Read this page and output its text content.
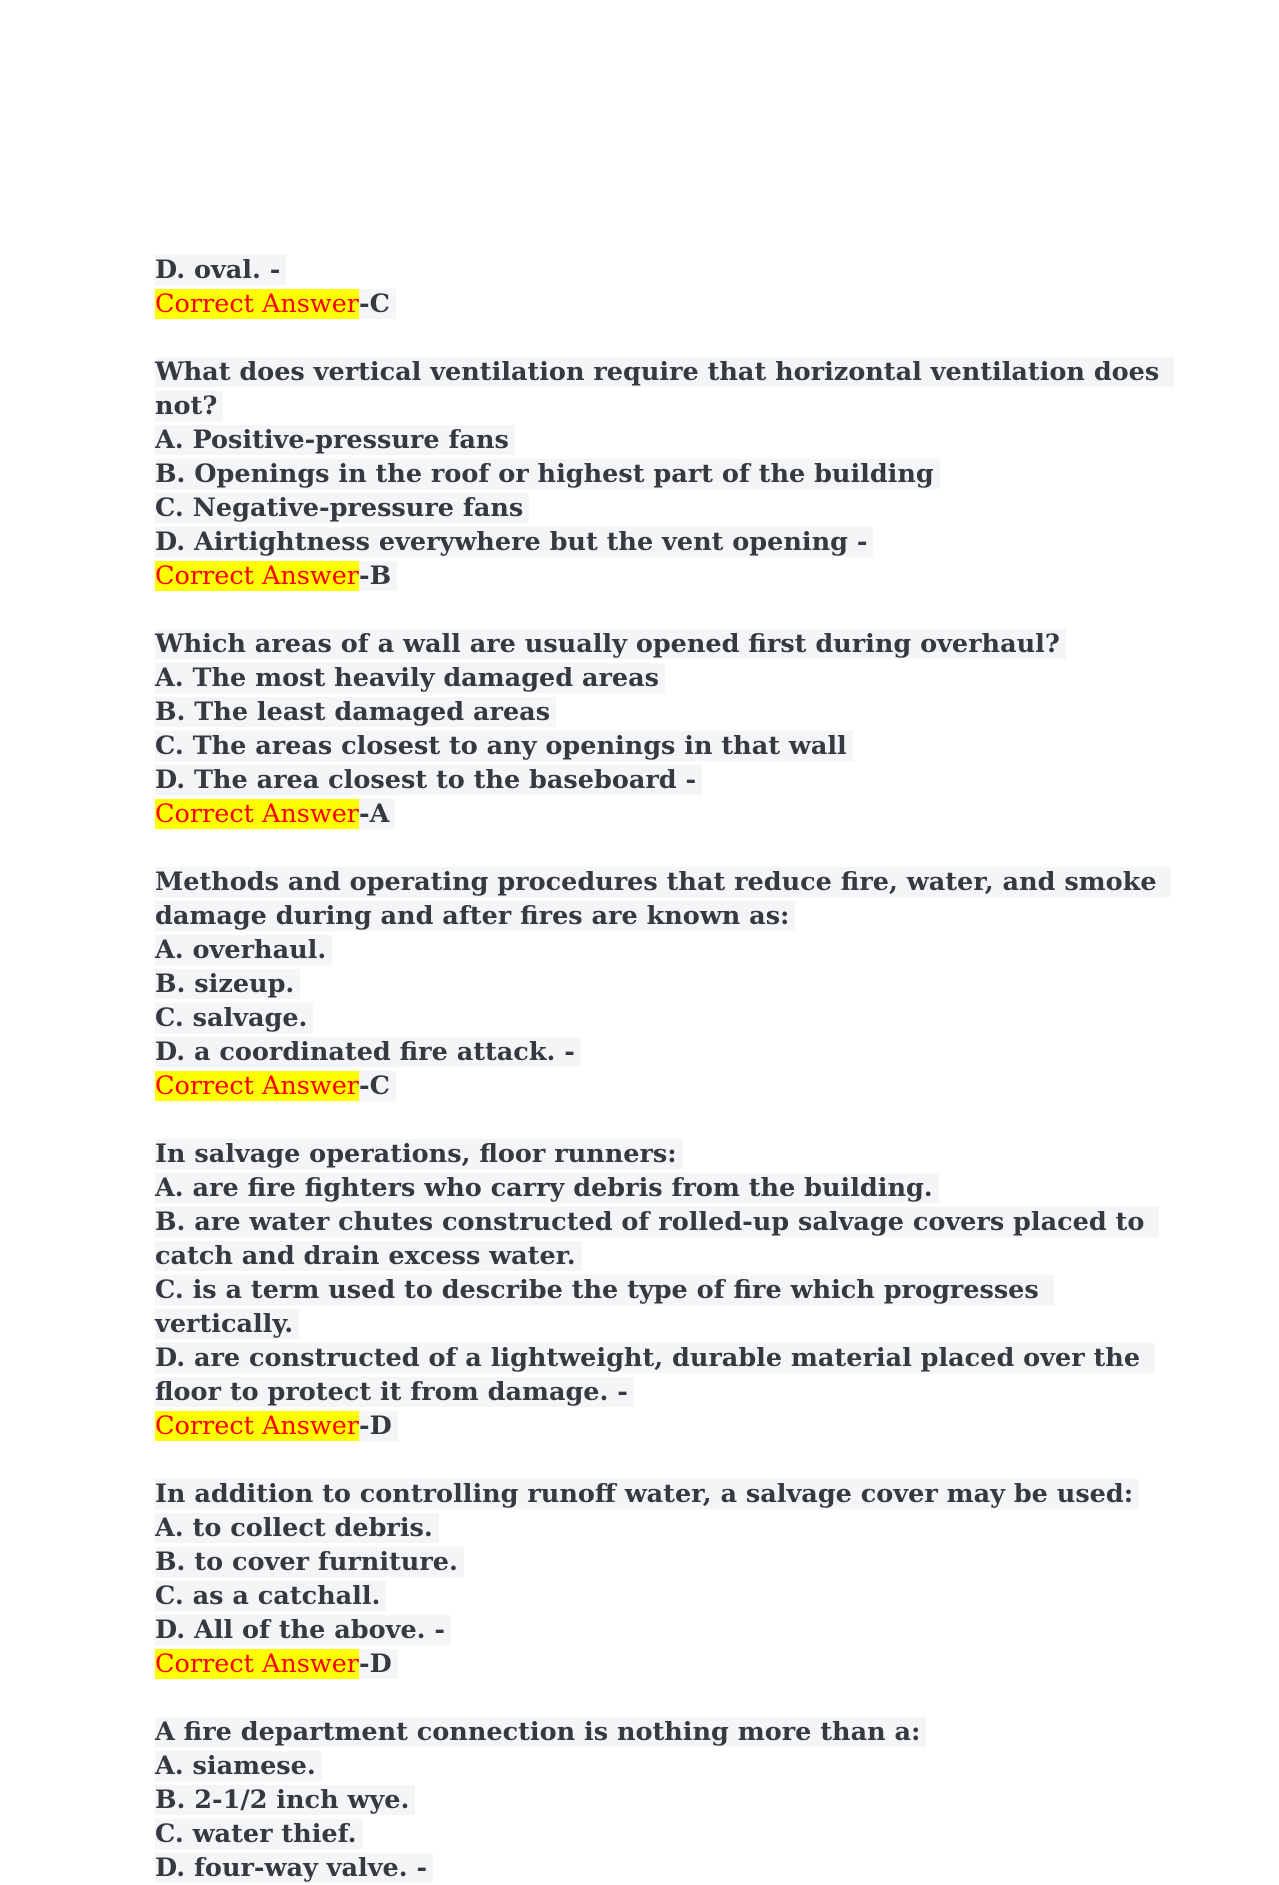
D. oval. -
Correct Answer-C
What does vertical ventilation require that horizontal ventilation does not?
A. Positive-pressure fans
B. Openings in the roof or highest part of the building
C. Negative-pressure fans
D. Airtightness everywhere but the vent opening -
Correct Answer-B
Which areas of a wall are usually opened first during overhaul?
A. The most heavily damaged areas
B. The least damaged areas
C. The areas closest to any openings in that wall
D. The area closest to the baseboard -
Correct Answer-A
Methods and operating procedures that reduce fire, water, and smoke damage during and after fires are known as:
A. overhaul.
B. sizeup.
C. salvage.
D. a coordinated fire attack. -
Correct Answer-C
In salvage operations, floor runners:
A. are fire fighters who carry debris from the building.
B. are water chutes constructed of rolled-up salvage covers placed to catch and drain excess water.
C. is a term used to describe the type of fire which progresses vertically.
D. are constructed of a lightweight, durable material placed over the floor to protect it from damage. -
Correct Answer-D
In addition to controlling runoff water, a salvage cover may be used:
A. to collect debris.
B. to cover furniture.
C. as a catchall.
D. All of the above. -
Correct Answer-D
A fire department connection is nothing more than a:
A. siamese.
B. 2-1/2 inch wye.
C. water thief.
D. four-way valve. -
